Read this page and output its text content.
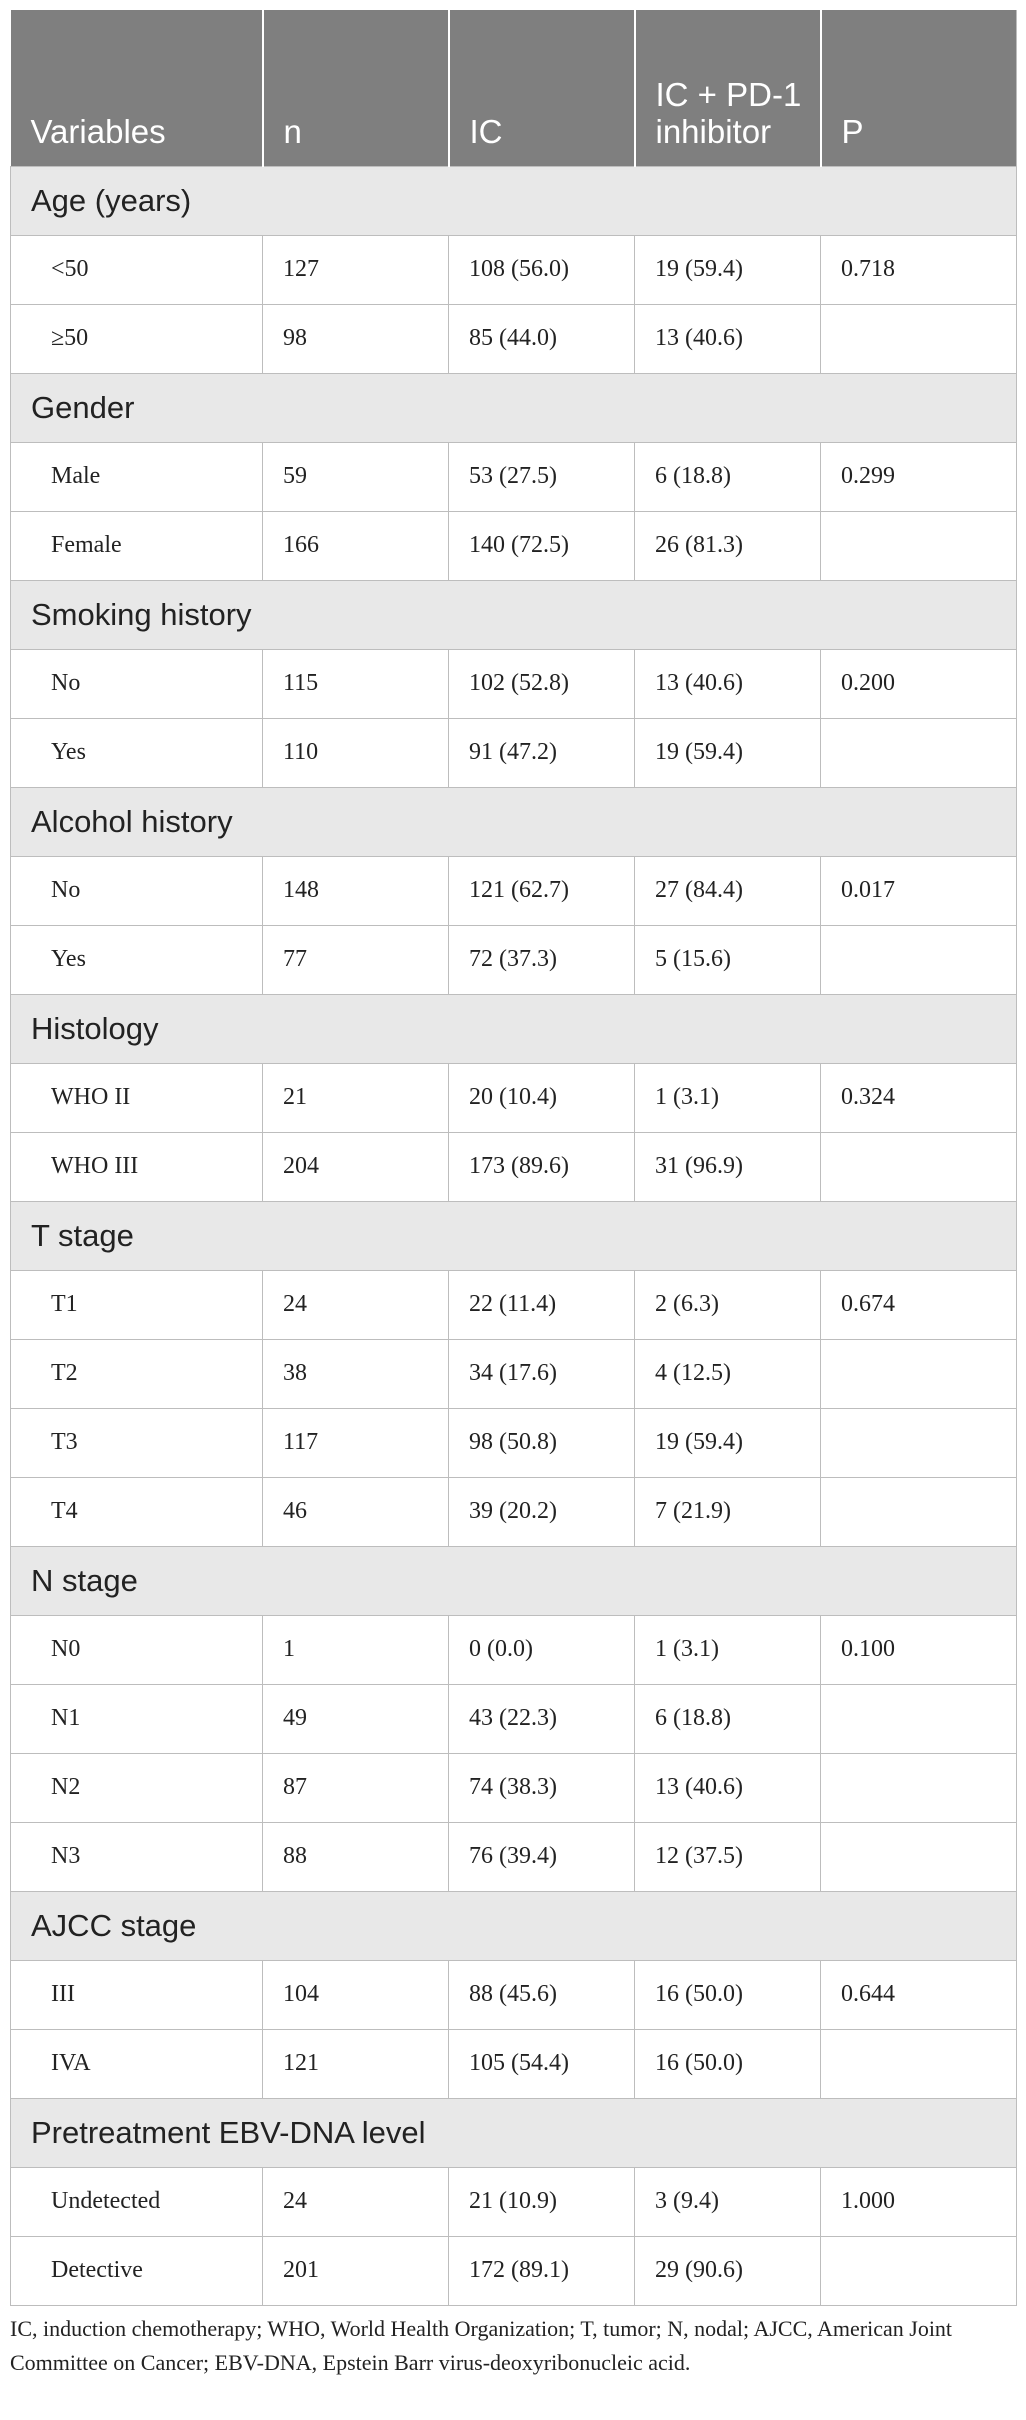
Variables	n	IC	IC + PD-1 inhibitor	P
Age (years)				
<50	127	108 (56.0)	19 (59.4)	0.718
≥50	98	85 (44.0)	13 (40.6)	
Gender				
Male	59	53 (27.5)	6 (18.8)	0.299
Female	166	140 (72.5)	26 (81.3)	
Smoking history				
No	115	102 (52.8)	13 (40.6)	0.200
Yes	110	91 (47.2)	19 (59.4)	
Alcohol history				
No	148	121 (62.7)	27 (84.4)	0.017
Yes	77	72 (37.3)	5 (15.6)	
Histology				
WHO II	21	20 (10.4)	1 (3.1)	0.324
WHO III	204	173 (89.6)	31 (96.9)	
T stage				
T1	24	22 (11.4)	2 (6.3)	0.674
T2	38	34 (17.6)	4 (12.5)	
T3	117	98 (50.8)	19 (59.4)	
T4	46	39 (20.2)	7 (21.9)	
N stage				
N0	1	0 (0.0)	1 (3.1)	0.100
N1	49	43 (22.3)	6 (18.8)	
N2	87	74 (38.3)	13 (40.6)	
N3	88	76 (39.4)	12 (37.5)	
AJCC stage				
III	104	88 (45.6)	16 (50.0)	0.644
IVA	121	105 (54.4)	16 (50.0)	
Pretreatment EBV-DNA level				
Undetected	24	21 (10.9)	3 (9.4)	1.000
Detective	201	172 (89.1)	29 (90.6)	
IC, induction chemotherapy; WHO, World Health Organization; T, tumor; N, nodal; AJCC, American Joint Committee on Cancer; EBV-DNA, Epstein Barr virus-deoxyribonucleic acid.
